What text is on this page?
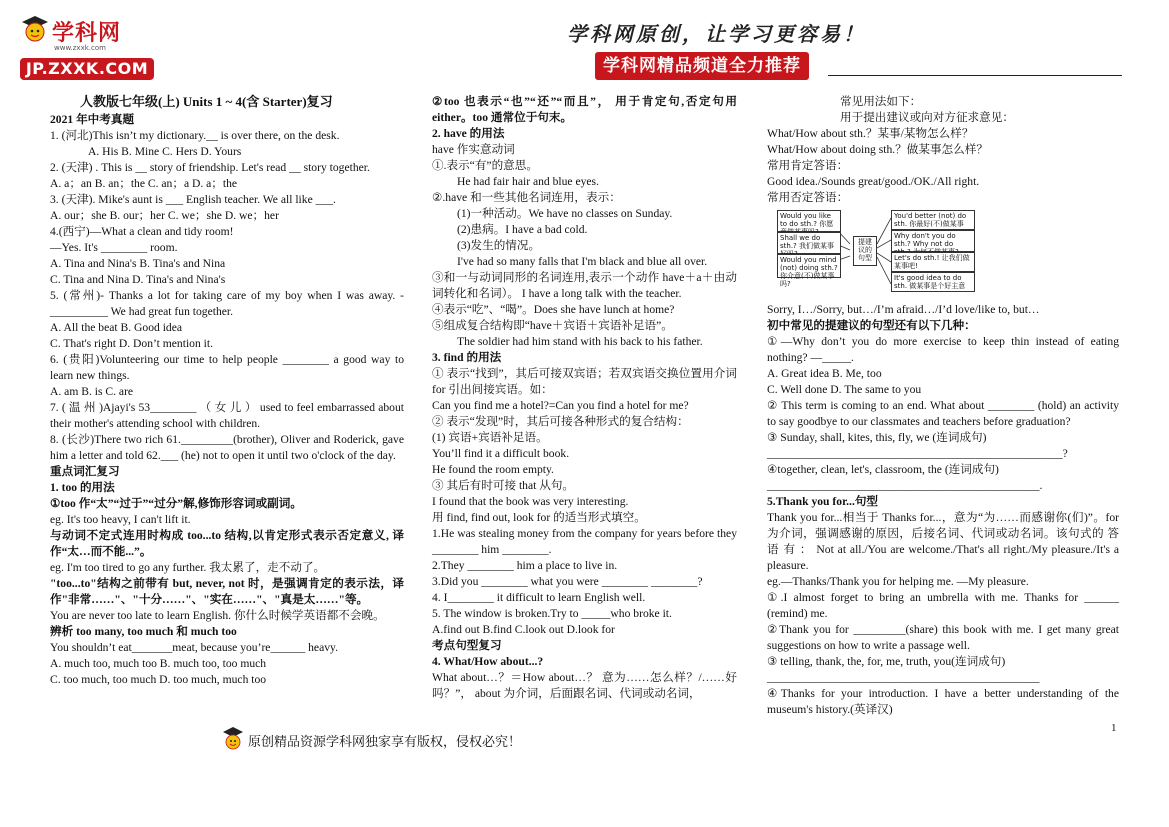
学科网
www.zxxk.com
JP.ZXXK.COM
学科网原创，让学习更容易！
学科网精品频道全力推荐

人教版七年级(上) Units 1 ~ 4(含 Starter)复习

2021 年中考真题

1. (河北)This isn’t my dictionary.__ is over there, on the desk.

A. His B. Mine C. Hers D. Yours

2. (天津) . This is __ story of friendship. Let's read __ story together.

A. a；an B. an；the C. an；a D. a；the

3. (天津). Mike's aunt is ___ English teacher. We all like ___.

A. our；she B. our；her C. we；she D. we；her

4.(西宁)—What a clean and tidy room!

—Yes. It's ________ room.

A. Tina and Nina's B. Tina's and Nina

C. Tina and Nina D. Tina's and Nina's

5. (常州)- Thanks a lot for taking care of my boy when I was away. -__________ We had great fun together.

A. All the beat B. Good idea

C. That's right D. Don’t mention it.

6. (贵阳)Volunteering our time to help people ________ a good way to learn new things.

A. am B. is C. are

7. ( 温 州 )Ajayi's 53________ （ 女 儿 ） used to feel embarrassed about their mother's attending school with children.

8. (长沙)There two rich 61._________(brother), Oliver and Roderick, gave him a letter and told 62.___ (he) not to open it until two o'clock of the day.

重点词汇复习

1. too 的用法

①too 作“太”“过于”“过分”解,修饰形容词或副词。

eg. It's too heavy, I can't lift it.

与动词不定式连用时构成 too...to 结构,以肯定形式表示否定意义, 译作“太…而不能...”。

eg. I'm too tired to go any further. 我太累了，走不动了。

"too...to"结构之前带有 but, never, not 时，是强调肯定的表示法，译作"非常……"、"十分……"、"实在……"、"真是太……"等。

You are never too late to learn English. 你什么时候学英语都不会晚。

辨析 too many, too much 和 much too

You shouldn’t eat_______meat, because you’re______ heavy.

A. much too, much too B. much too, too much

C. too much, too much D. too much, much too

②too 也表示“也”“还”“而且”， 用于肯定句,否定句用 either。too 通常位于句末。

2. have 的用法

have 作实意动词

①.表示“有”的意思。

He had fair hair and blue eyes.

②.have 和一些其他名词连用，表示：

(1)一种活动。We have no classes on Sunday.

(2)患病。I have a bad cold.

(3)发生的情况。

I've had so many falls that I'm black and blue all over.

③和一与动词同形的名词连用,表示一个动作 have＋a＋由动词转化和名词）。 I have a long talk with the teacher.

④表示“吃”、“喝”。Does she have lunch at home?

⑤组成复合结构即“have＋宾语＋宾语补足语”。

The soldier had him stand with his back to his father.

3. find 的用法

① 表示“找到”，其后可接双宾语；若双宾语交换位置用介词 for 引出间接宾语。如：

Can you find me a hotel?=Can you find a hotel for me?

② 表示“发现”时，其后可接各种形式的复合结构：

(1) 宾语+宾语补足语。

You’ll find it a difficult book.

He found the room empty.

③ 其后有时可接 that 从句。

I found that the book was very interesting.

用 find, find out, look for 的适当形式填空。

1.He was stealing money from the company for years before they ________ him ________.

2.They ________ him a place to live in.

3.Did you ________ what you were ________ ________?

4. I________ it difficult to learn English well.

5. The window is broken.Try to _____who broke it.

A.find out B.find C.look out D.look for

考点句型复习

4. What/How about...?

What about…？＝How about…？ 意为……怎么样？/……好吗？”， about 为介词，后面跟名词、代词或动名词，

常见用法如下：

用于提出建议或向对方征求意见：

What/How about sth.？某事/某物怎么样？

What/How about doing sth.？做某事怎么样？

常用肯定答语：

Good idea./Sounds great/good./OK./All right.

常用否定答语：

Would you like to do sth.? 你愿
Shall we do sth.? 我们做某事
Would you mind (not) doing sth.? 你介意(不)做某事吗?
提建议的句型
You'd better (not) do sth. 你最好(不)做某事
Why don't you do sth.? Why not do
Let's do sth.! 让我们做某事吧!
It's good idea to do sth. 做某事是个好主意

Sorry, I…/Sorry, but…/I’m afraid…/I’d love/like to, but…

初中常见的提建议的句型还有以下几种：

①—Why don’t you do more exercise to keep thin instead of eating nothing? —_____.

A. Great idea B. Me, too

C. Well done D. The same to you

② This term is coming to an end. What about ________ (hold) an activity to say goodbye to our classmates and teachers before graduation?

③ Sunday, shall, kites, this, fly, we (连词成句)

___________________________________________________?

④together, clean, let's, classroom, the (连词成句)

_______________________________________________.

5.Thank you for...句型

Thank you for...相当于 Thanks for...，意为“为……而感谢你(们)”。for 为介词，强调感谢的原因，后接名词、代词或动名词。该句式的 答 语 有 ： Not at all./You are welcome./That's all right./My pleasure./It's a pleasure.

eg.—Thanks/Thank you for helping me. —My pleasure.

①.I almost forget to bring an umbrella with me. Thanks for ______ (remind) me.

②Thank you for _________(share) this book with me. I get many great suggestions on how to write a passage well.

③ telling, thank, the, for, me, truth, you(连词成句)

_______________________________________________

④Thanks for your introduction. I have a better understanding of the museum's history.(英译汉)

原创精品资源学科网独家享有版权，侵权必究！
1
